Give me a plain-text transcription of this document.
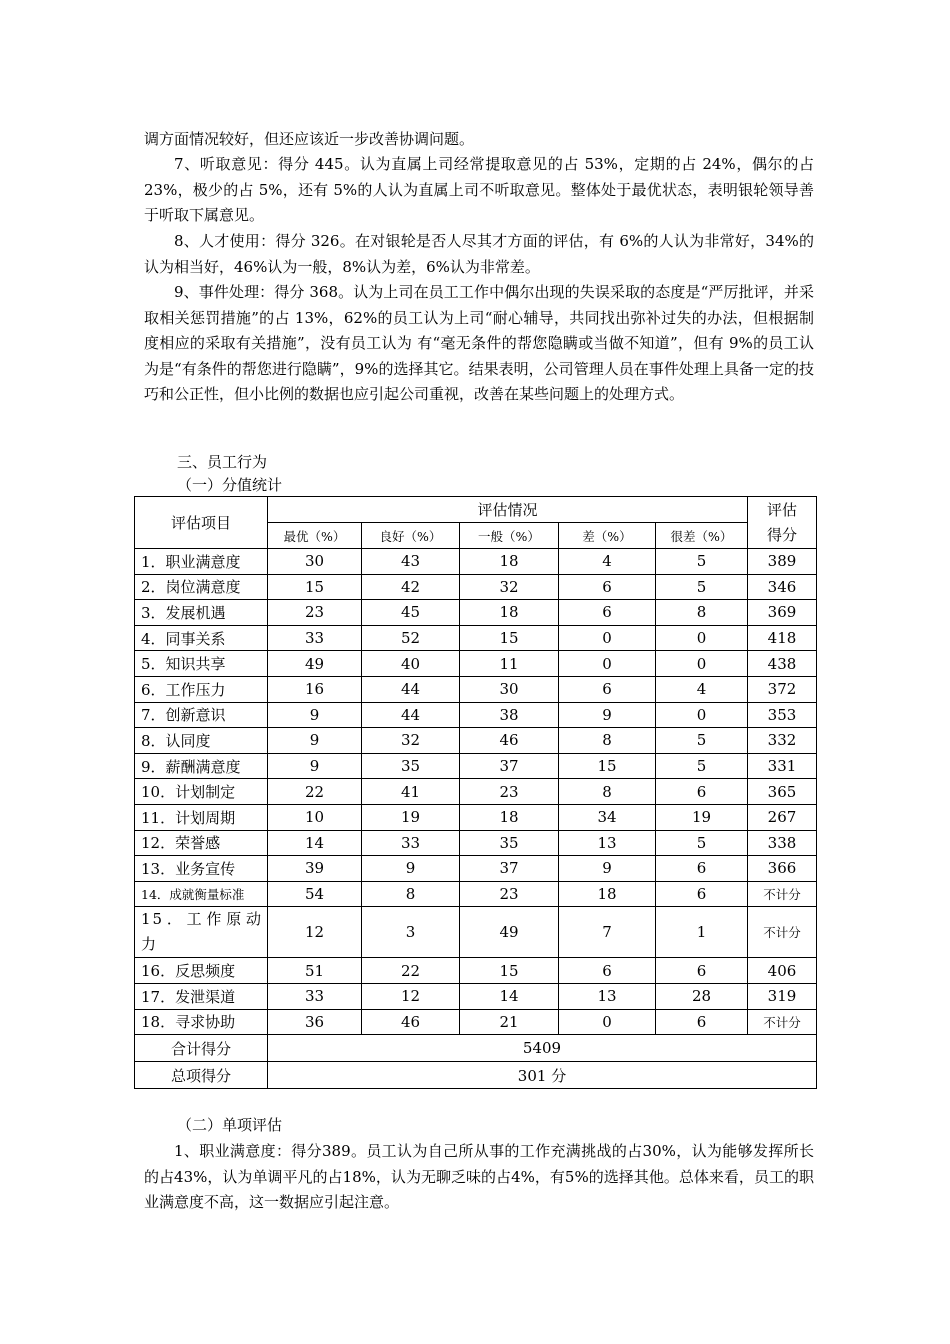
调方面情况较好，但还应该近一步改善协调问题。

7、听取意见：得分 445。认为直属上司经常提取意见的占 53%，定期的占 24%，偶尔的占 23%，极少的占 5%，还有 5%的人认为直属上司不听取意见。整体处于最优状态，表明银轮领导善于听取下属意见。

8、人才使用：得分 326。在对银轮是否人尽其才方面的评估，有 6%的人认为非常好，34%的认为相当好，46%认为一般，8%认为差，6%认为非常差。

9、事件处理：得分 368。认为上司在员工工作中偶尔出现的失误采取的态度是“严厉批评，并采取相关惩罚措施”的占 13%，62%的员工认为上司“耐心辅导，共同找出弥补过失的办法，但根据制度相应的采取有关措施”，没有员工认为 有“毫无条件的帮您隐瞒或当做不知道”，但有 9%的员工认为是“有条件的帮您进行隐瞒”，9%的选择其它。结果表明，公司管理人员在事件处理上具备一定的技巧和公正性，但小比例的数据也应引起公司重视，改善在某些问题上的处理方式。

三、员工行为

（一）分值统计

评估项目	评估情况					评估
得分
	最优（%）	良好（%）	一般（%）	差（%）	很差（%）	
1．职业满意度	30	43	18	4	5	389
2．岗位满意度	15	42	32	6	5	346
3．发展机遇	23	45	18	6	8	369
4．同事关系	33	52	15	0	0	418
5．知识共享	49	40	11	0	0	438
6．工作压力	16	44	30	6	4	372
7．创新意识	9	44	38	9	0	353
8．认同度	9	32	46	8	5	332
9．薪酬满意度	9	35	37	15	5	331
10．计划制定	22	41	23	8	6	365
11．计划周期	10	19	18	34	19	267
12．荣誉感	14	33	35	13	5	338
13．业务宣传	39	9	37	9	6	366
14．成就衡量标准	54	8	23	18	6	不计分
15．工作原动力	12	3	49	7	1	不计分
16．反思频度	51	22	15	6	6	406
17．发泄渠道	33	12	14	13	28	319
18．寻求协助	36	46	21	0	6	不计分
合计得分	5409					
总项得分	301 分					

（二）单项评估

1、职业满意度：得分389。员工认为自己所从事的工作充满挑战的占30%，认为能够发挥所长的占43%，认为单调平凡的占18%，认为无聊乏味的占4%，有5%的选择其他。总体来看，员工的职业满意度不高，这一数据应引起注意。
